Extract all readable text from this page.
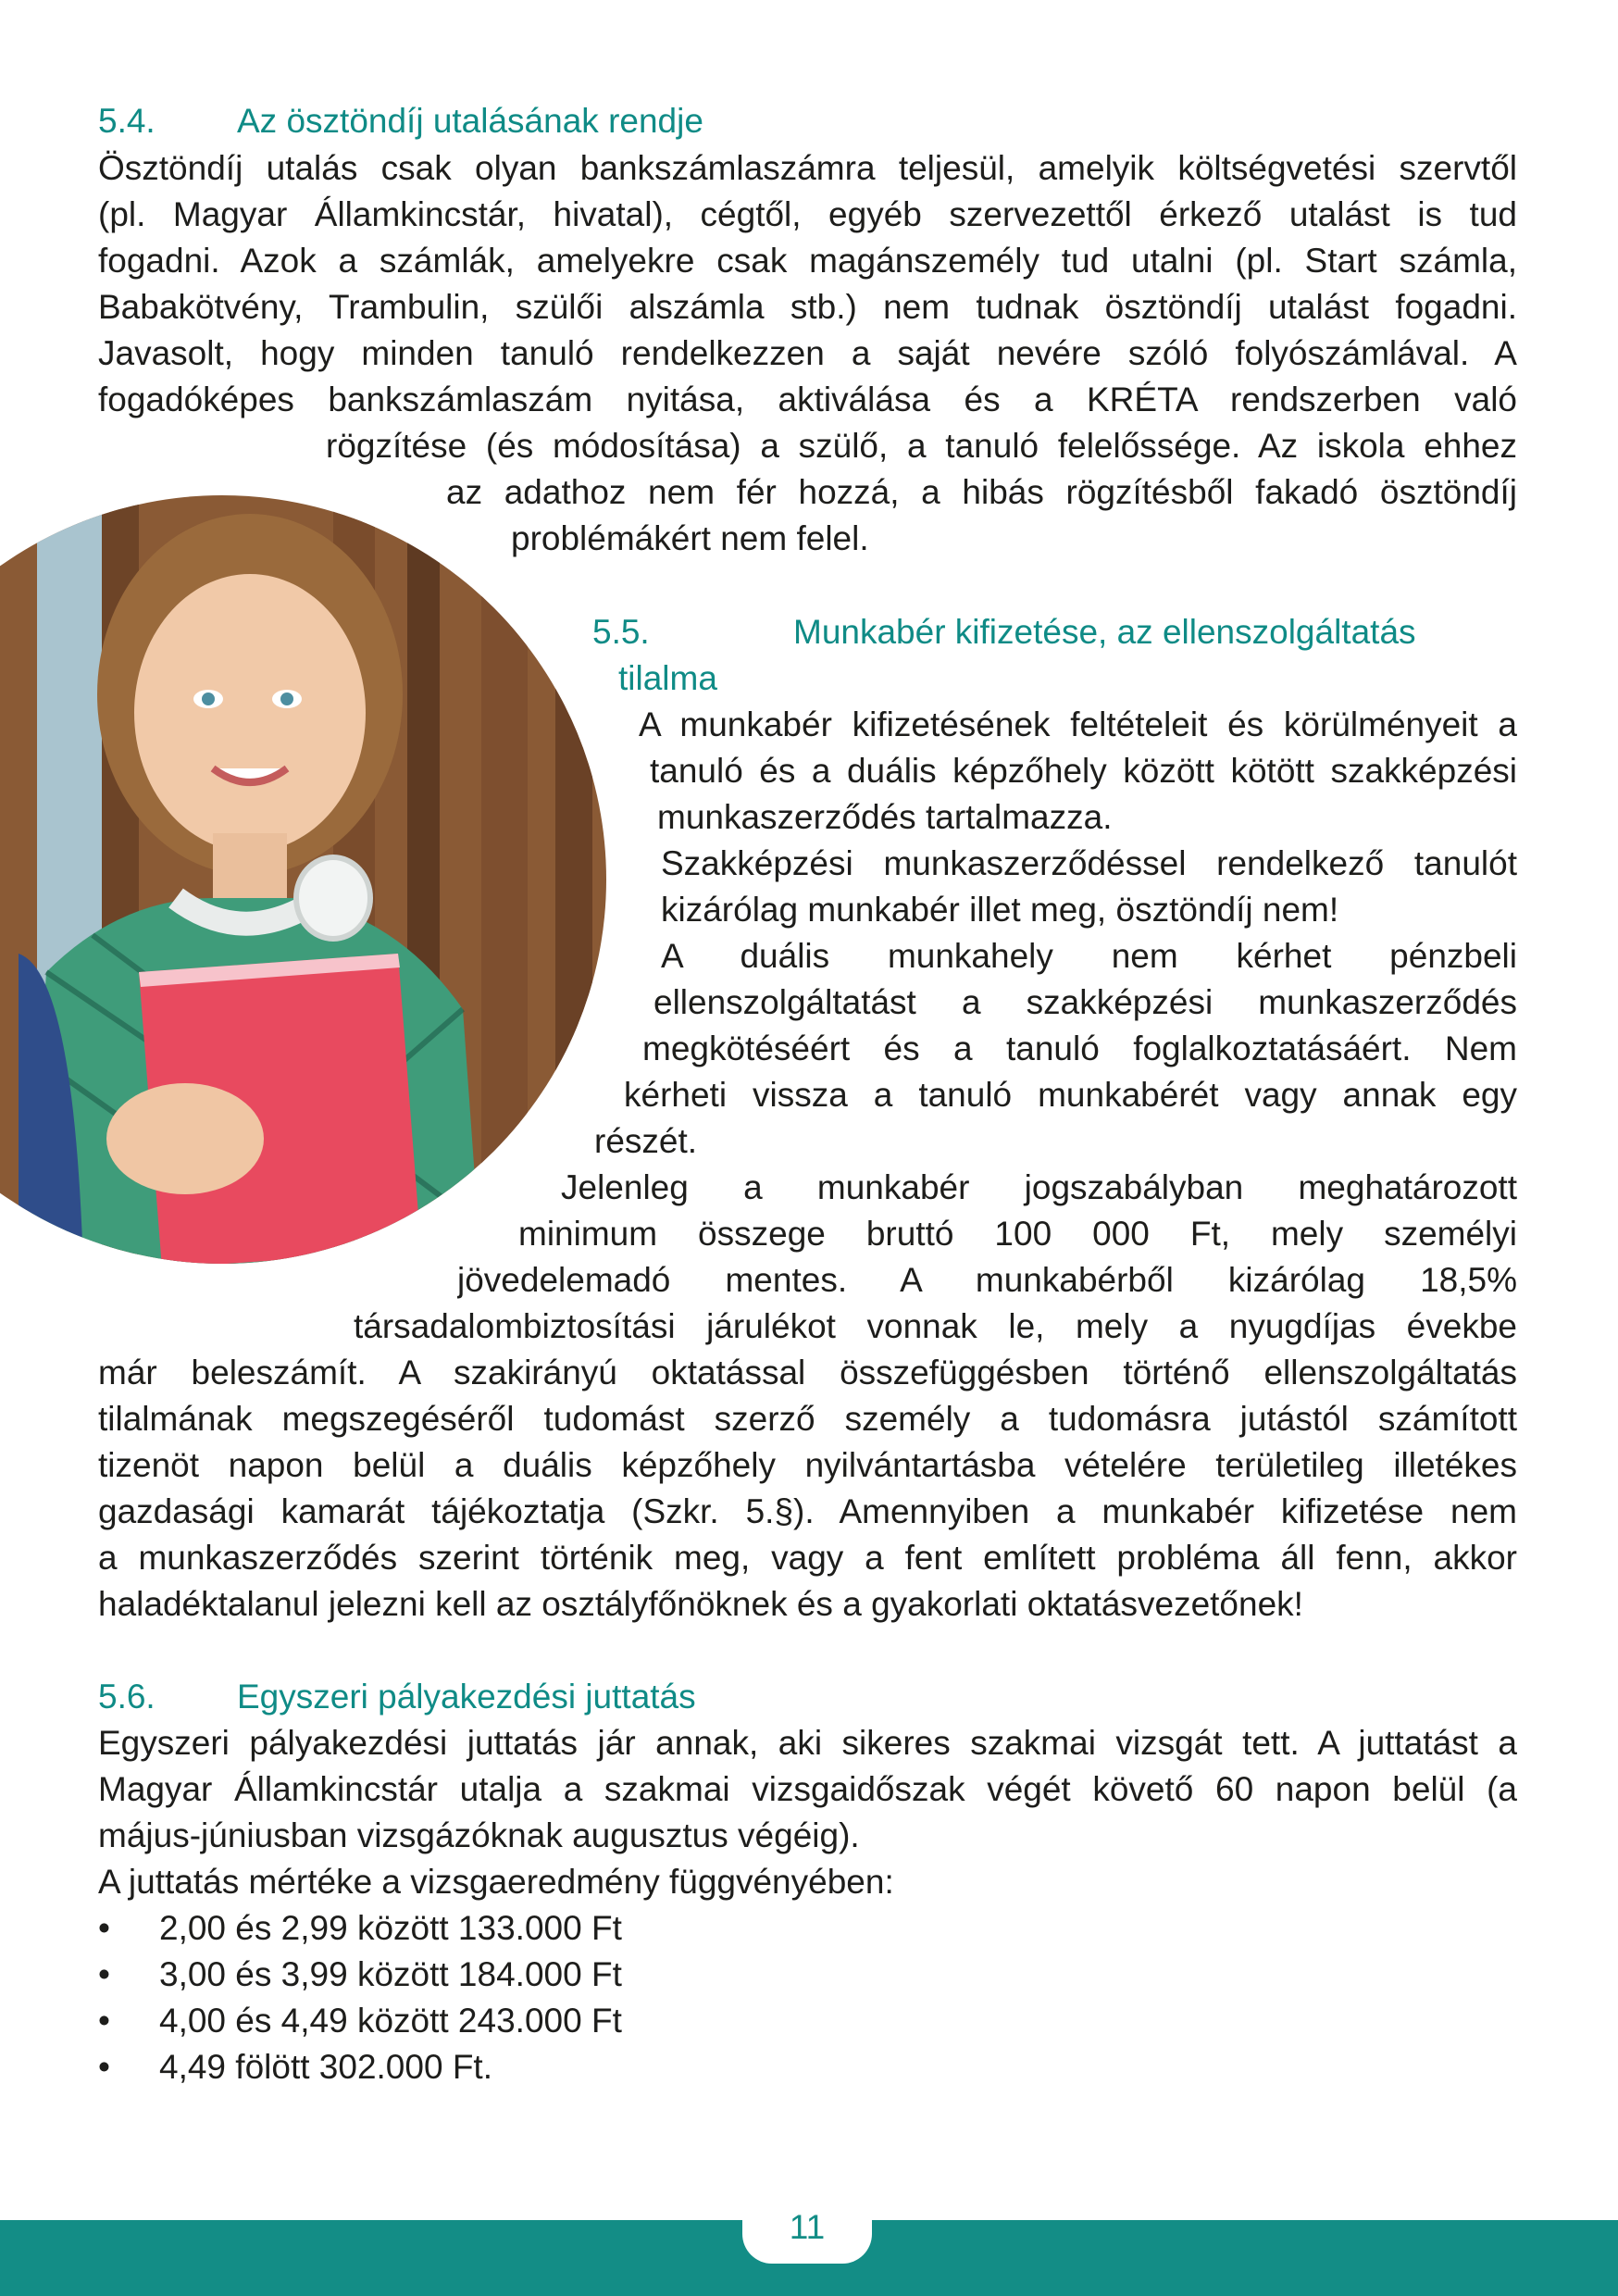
5.4. Az ösztöndíj utalásának rendje

Ösztöndíj utalás csak olyan bankszámlaszámra teljesül, amelyik költségvetési szervtől

(pl. Magyar Államkincstár, hivatal), cégtől, egyéb szervezettől érkező utalást is tud

fogadni. Azok a számlák, amelyekre csak magánszemély tud utalni (pl. Start számla,

Babakötvény, Trambulin, szülői alszámla stb.) nem tudnak ösztöndíj utalást fogadni.

Javasolt, hogy minden tanuló rendelkezzen a saját nevére szóló folyószámlával. A

fogadóképes bankszámlaszám nyitása, aktiválása és a KRÉTA rendszerben való

rögzítése (és módosítása) a szülő, a tanuló felelőssége. Az iskola ehhez

az adathoz nem fér hozzá, a hibás rögzítésből fakadó ösztöndíj

problémákért nem felel.

5.5.	Munkabér kifizetése, az ellenszolgáltatás
tilalma

A munkabér kifizetésének feltételeit és körülményeit a

tanuló és a duális képzőhely között kötött szakképzési

munkaszerződés tartalmazza.

Szakképzési munkaszerződéssel rendelkező tanulót

kizárólag munkabér illet meg, ösztöndíj nem!

A duális munkahely nem kérhet pénzbeli

ellenszolgáltatást a szakképzési munkaszerződés

megkötéséért és a tanuló foglalkoztatásáért. Nem

kérheti vissza a tanuló munkabérét vagy annak egy

részét.

Jelenleg a munkabér jogszabályban meghatározott

minimum összege bruttó 100 000 Ft, mely személyi

jövedelemadó mentes. A munkabérből kizárólag 18,5%

társadalombiztosítási járulékot vonnak le, mely a nyugdíjas évekbe

már beleszámít. A szakirányú oktatással összefüggésben történő ellenszolgáltatás

tilalmának megszegéséről tudomást szerző személy a tudomásra jutástól számított

tizenöt napon belül a duális képzőhely nyilvántartásba vételére területileg illetékes

gazdasági kamarát tájékoztatja (Szkr. 5.§). Amennyiben a munkabér kifizetése nem

a munkaszerződés szerint történik meg, vagy a fent említett probléma áll fenn, akkor

haladéktalanul jelezni kell az osztályfőnöknek és a gyakorlati oktatásvezetőnek!

5.6. Egyszeri pályakezdési juttatás

Egyszeri pályakezdési juttatás jár annak, aki sikeres szakmai vizsgát tett. A juttatást a

Magyar Államkincstár utalja a szakmai vizsgaidőszak végét követő 60 napon belül (a

május-júniusban vizsgázóknak augusztus végéig).

A juttatás mértéke a vizsgaeredmény függvényében:

• 2,00 és 2,99 között 133.000 Ft
• 3,00 és 3,99 között 184.000 Ft
• 4,00 és 4,49 között 243.000 Ft
• 4,49 fölött 302.000 Ft.
11
